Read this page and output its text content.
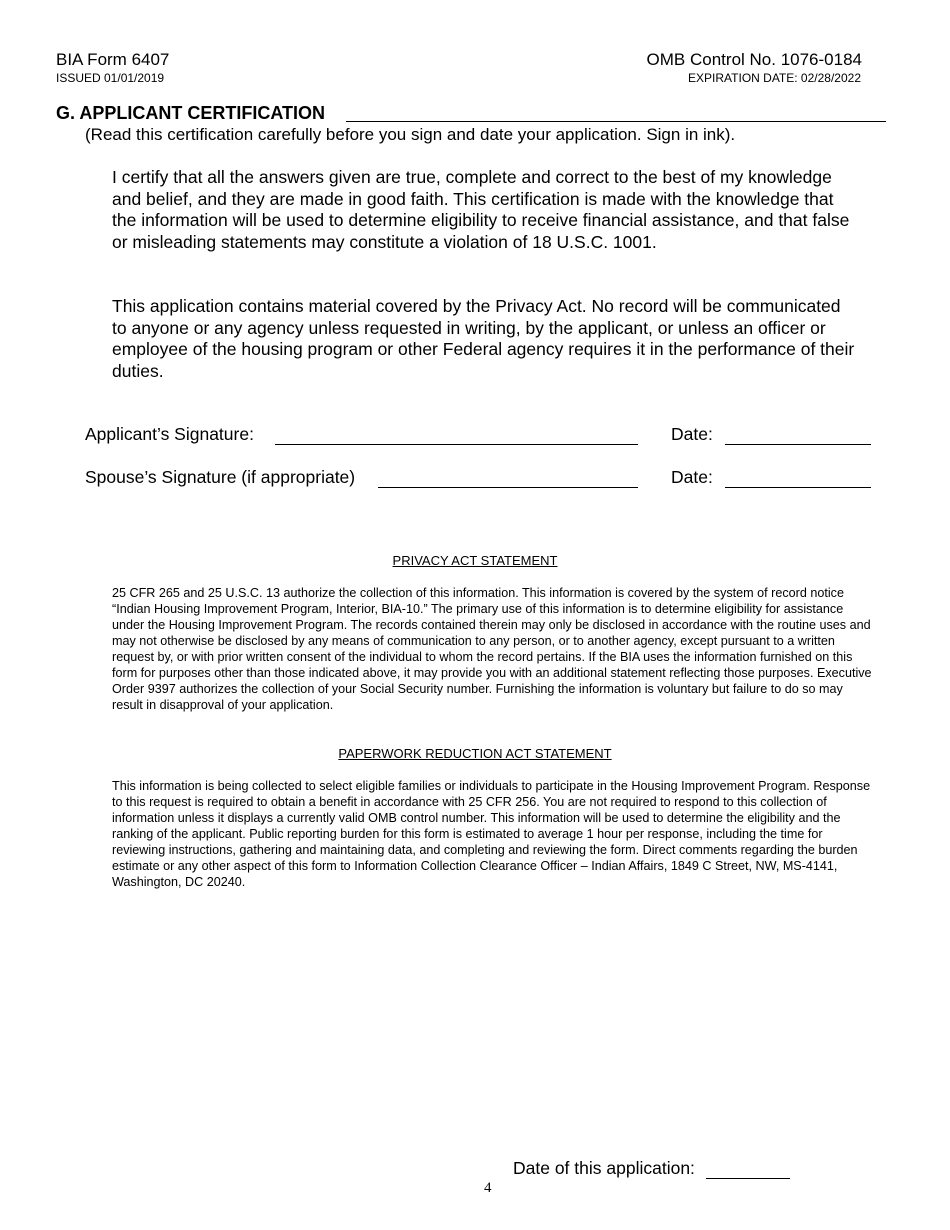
BIA Form 6407
ISSUED 01/01/2019
OMB Control No. 1076-0184
EXPIRATION DATE: 02/28/2022
G. APPLICANT CERTIFICATION
(Read this certification carefully before you sign and date your application. Sign in ink).
I certify that all the answers given are true, complete and correct to the best of my knowledge and belief, and they are made in good faith. This certification is made with the knowledge that the information will be used to determine eligibility to receive financial assistance, and that false or misleading statements may constitute a violation of 18 U.S.C. 1001.
This application contains material covered by the Privacy Act. No record will be communicated to anyone or any agency unless requested in writing, by the applicant, or unless an officer or employee of the housing program or other Federal agency requires it in the performance of their duties.
Applicant’s Signature:	Date:
Spouse’s Signature (if appropriate)	Date:
PRIVACY ACT STATEMENT
25 CFR 265 and 25 U.S.C. 13 authorize the collection of this information. This information is covered by the system of record notice “Indian Housing Improvement Program, Interior, BIA-10.” The primary use of this information is to determine eligibility for assistance under the Housing Improvement Program. The records contained therein may only be disclosed in accordance with the routine uses and may not otherwise be disclosed by any means of communication to any person, or to another agency, except pursuant to a written request by, or with prior written consent of the individual to whom the record pertains. If the BIA uses the information furnished on this form for purposes other than those indicated above, it may provide you with an additional statement reflecting those purposes. Executive Order 9397 authorizes the collection of your Social Security number. Furnishing the information is voluntary but failure to do so may result in disapproval of your application.
PAPERWORK REDUCTION ACT STATEMENT
This information is being collected to select eligible families or individuals to participate in the Housing Improvement Program. Response to this request is required to obtain a benefit in accordance with 25 CFR 256. You are not required to respond to this collection of information unless it displays a currently valid OMB control number. This information will be used to determine the eligibility and the ranking of the applicant. Public reporting burden for this form is estimated to average 1 hour per response, including the time for reviewing instructions, gathering and maintaining data, and completing and reviewing the form. Direct comments regarding the burden estimate or any other aspect of this form to Information Collection Clearance Officer – Indian Affairs, 1849 C Street, NW, MS-4141, Washington, DC 20240.
Date of this application:
4
